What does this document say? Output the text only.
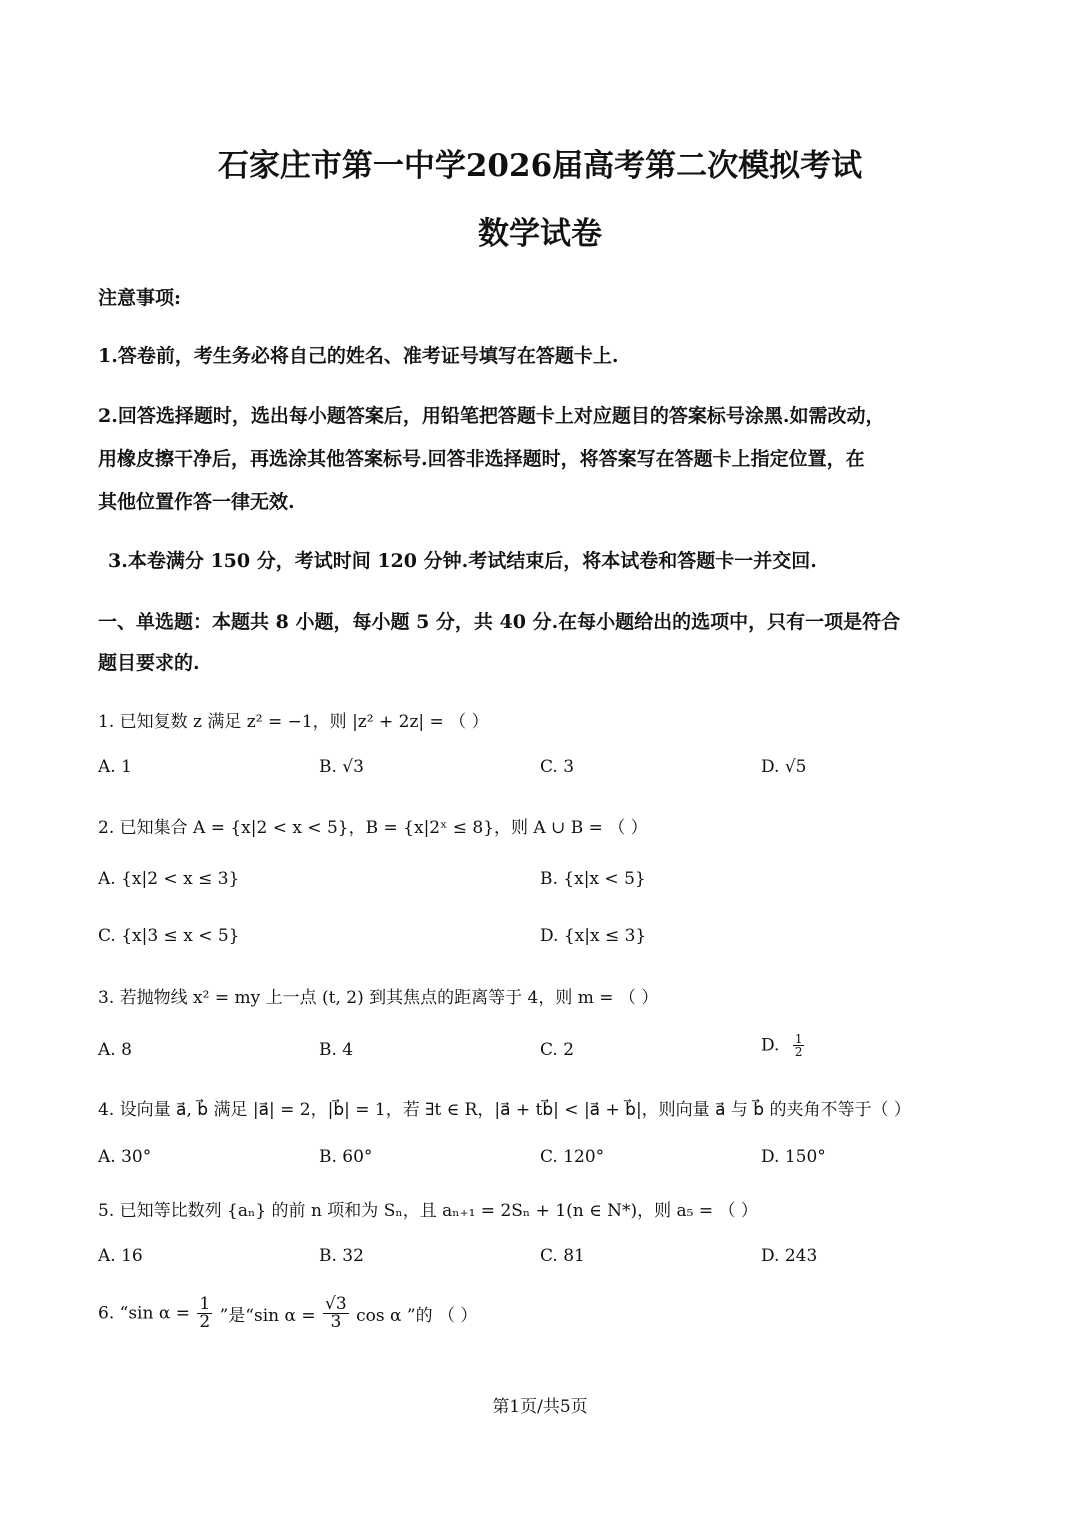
石家庄市第一中学2026届高考第二次模拟考试
数学试卷
注意事项:
1.答卷前，考生务必将自己的姓名、准考证号填写在答题卡上.
2.回答选择题时，选出每小题答案后，用铅笔把答题卡上对应题目的答案标号涂黑.如需改动，
用橡皮擦干净后，再选涂其他答案标号.回答非选择题时，将答案写在答题卡上指定位置，在
其他位置作答一律无效.
3.本卷满分 150 分，考试时间 120 分钟.考试结束后，将本试卷和答题卡一并交回.
一、单选题：本题共 8 小题，每小题 5 分，共 40 分.在每小题给出的选项中，只有一项是符合
题目要求的.
1. 已知复数 z 满足 z² = −1，则 |z² + 2z| = （ ）
A. 1	B. √3	C. 3	D. √5
2. 已知集合 A = {x|2 < x < 5}，B = {x|2ˣ ≤ 8}，则 A ∪ B = （ ）
A. {x|2 < x ≤ 3}	B. {x|x < 5}
C. {x|3 ≤ x < 5}	D. {x|x ≤ 3}
3. 若抛物线 x² = my 上一点 (t, 2) 到其焦点的距离等于 4，则 m = （ ）
A. 8	B. 4	C. 2	D. $\frac{1}{2}$
4. 设向量 a⃗, b⃗ 满足 |a⃗| = 2，|b⃗| = 1，若 ∃t ∈ R，|a⃗ + tb⃗| < |a⃗ + b⃗|，则向量 a⃗ 与 b⃗ 的夹角不等于（ ）
A. 30°	B. 60°	C. 120°	D. 150°
5. 已知等比数列 {aₙ} 的前 n 项和为 Sₙ，且 aₙ₊₁ = 2Sₙ + 1(n ∈ N*)，则 a₅ = （ ）
A. 16	B. 32	C. 81	D. 243
6. “sin $\alpha = \frac{1}{2}$ ”是“sin $\alpha = \frac{√3}{3}$ cos α ”的 （ ）
第1页/共5页
